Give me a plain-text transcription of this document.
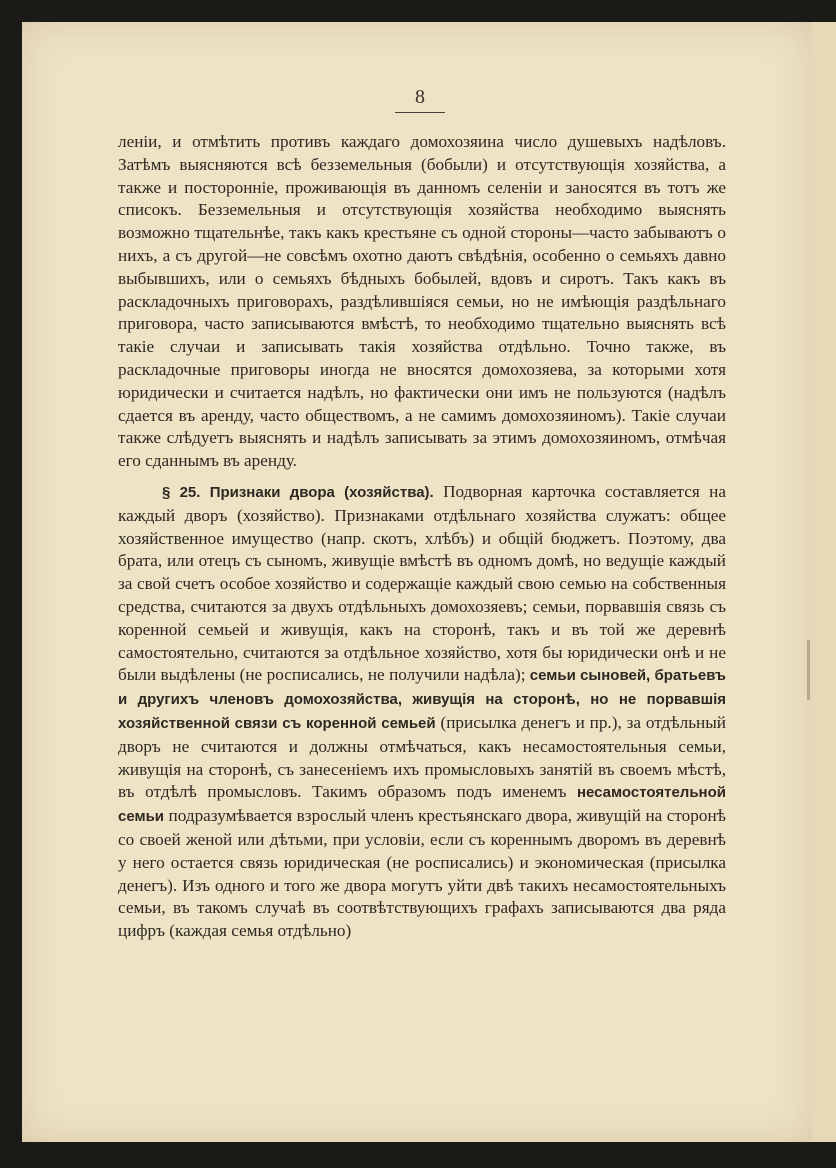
8

леніи, и отмѣтить противъ каждаго домохозяина число душевыхъ надѣловъ. Затѣмъ выясняются всѣ безземельныя (бобыли) и отсутствующія хозяйства, а также и посторонніе, проживающія въ данномъ селеніи и заносятся въ тотъ же списокъ. Безземельныя и отсутствующія хозяйства необходимо выяснять возможно тщательнѣе, такъ какъ крестьяне съ одной стороны—часто забываютъ о нихъ, а съ другой—не совсѣмъ охотно даютъ свѣдѣнія, особенно о семьяхъ давно выбывшихъ, или о семьяхъ бѣдныхъ бобылей, вдовъ и сиротъ. Такъ какъ въ раскладочныхъ приговорахъ, раздѣлившіяся семьи, но не имѣющія раздѣльнаго приговора, часто записываются вмѣстѣ, то необходимо тщательно выяснять всѣ такіе случаи и записывать такія хозяйства отдѣльно. Точно также, въ раскладочные приговоры иногда не вносятся домохозяева, за которыми хотя юридически и считается надѣлъ, но фактически они имъ не пользуются (надѣлъ сдается въ аренду, часто обществомъ, а не самимъ домохозяиномъ). Такіе случаи также слѣдуетъ выяснять и надѣлъ записывать за этимъ домохозяиномъ, отмѣчая его сданнымъ въ аренду.

§ 25. Признаки двора (хозяйства). Подворная карточка составляется на каждый дворъ (хозяйство). Признаками отдѣльнаго хозяйства служатъ: общее хозяйственное имущество (напр. скотъ, хлѣбъ) и общій бюджетъ. Поэтому, два брата, или отецъ съ сыномъ, живущіе вмѣстѣ въ одномъ домѣ, но ведущіе каждый за свой счетъ особое хозяйство и содержащіе каждый свою семью на собственныя средства, считаются за двухъ отдѣльныхъ домохозяевъ; семьи, порвавшія связь съ коренной семьей и живущія, какъ на сторонѣ, такъ и въ той же деревнѣ самостоятельно, считаются за отдѣльное хозяйство, хотя бы юридически онѣ и не были выдѣлены (не росписались, не получили надѣла); семьи сыновей, братьевъ и другихъ членовъ домохозяйства, живущія на сторонѣ, но не порвавшія хозяйственной связи съ коренной семьей (присылка денегъ и пр.), за отдѣльный дворъ не считаются и должны отмѣчаться, какъ несамостоятельныя семьи, живущія на сторонѣ, съ занесеніемъ ихъ промысловыхъ занятій въ своемъ мѣстѣ, въ отдѣлѣ промысловъ. Такимъ образомъ подъ именемъ несамостоятельной семьи подразумѣвается взрослый членъ крестьянскаго двора, живущій на сторонѣ со своей женой или дѣтьми, при условіи, если съ кореннымъ дворомъ въ деревнѣ у него остается связь юридическая (не росписались) и экономическая (присылка денегъ). Изъ одного и того же двора могутъ уйти двѣ такихъ несамостоятельныхъ семьи, въ такомъ случаѣ въ соотвѣтствующихъ графахъ записываются два ряда цифръ (каждая семья отдѣльно)
